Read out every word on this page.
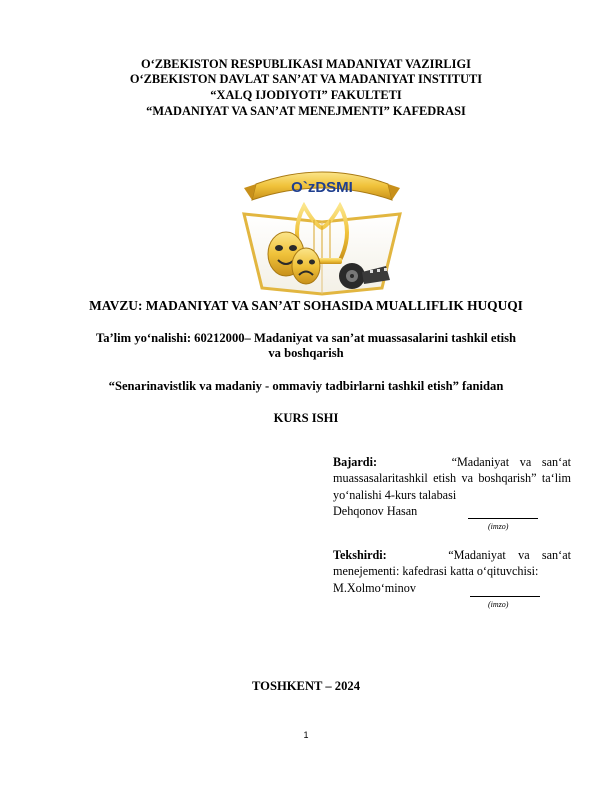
O‘ZBEKISTON RESPUBLIKASI MADANIYAT VAZIRLIGI
O‘ZBEKISTON DAVLAT SAN’AT VA MADANIYAT INSTITUTI
“XALQ IJODIYOTI” FAKULTETI
“MADANIYAT VA SAN’AT MENEJMENTI” KAFEDRASI
O`zDSMI
MAVZU: MADANIYAT VA SAN’AT SOHASIDA MUALLIFLIK HUQUQI
Ta’lim yo‘nalishi: 60212000– Madaniyat va san’at muassasalarini tashkil etish
va boshqarish
“Senarinavistlik va madaniy - ommaviy tadbirlarni tashkil etish” fanidan
KURS ISHI
Bajardi:	“Madaniyat va san‘at muassasalaritashkil etish va boshqarish” ta‘lim yo‘nalishi 4-kurs talabasi
Dehqonov Hasan
(imzo)
Tekshirdi:	“Madaniyat va san‘at menejementi: kafedrasi katta o‘qituvchisi:
M.Xolmo‘minov
(imzo)
TOSHKENT – 2024
1
